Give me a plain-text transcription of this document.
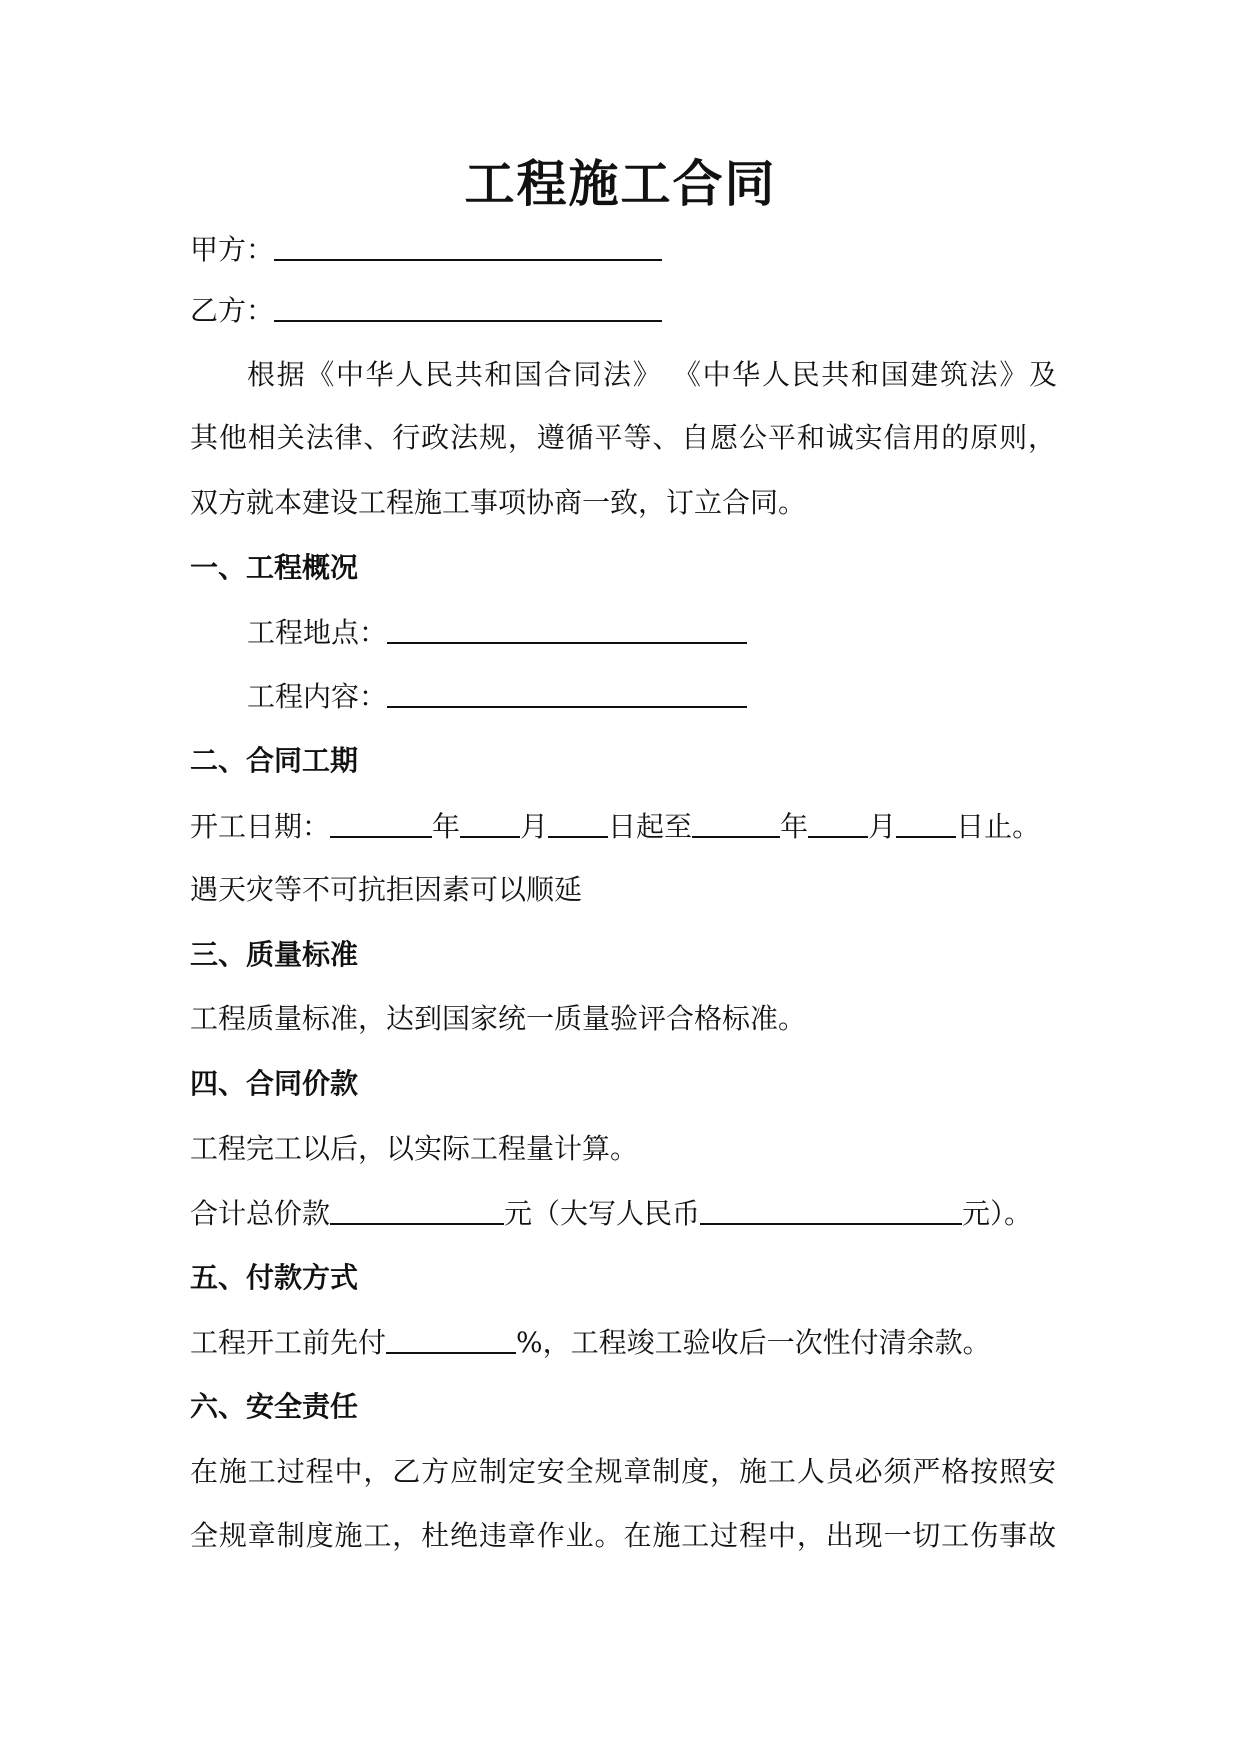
工程施工合同
甲方：
乙方：
根据《中华人民共和国合同法》 《中华人民共和国建筑法》及
其他相关法律、行政法规，遵循平等、自愿公平和诚实信用的原则，
双方就本建设工程施工事项协商一致，订立合同。
一、工程概况
工程地点：
工程内容：
二、合同工期
开工日期：	年 月 日起至	年 月 日止。
遇天灾等不可抗拒因素可以顺延
三、质量标准
工程质量标准，达到国家统一质量验评合格标准。
四、合同价款
工程完工以后，以实际工程量计算。
合计总价款	元（大写人民币	元）。
五、付款方式
工程开工前先付	%，工程竣工验收后一次性付清余款。
六、安全责任
在施工过程中，乙方应制定安全规章制度，施工人员必须严格按照安
全规章制度施工，杜绝违章作业。在施工过程中，出现一切工伤事故
